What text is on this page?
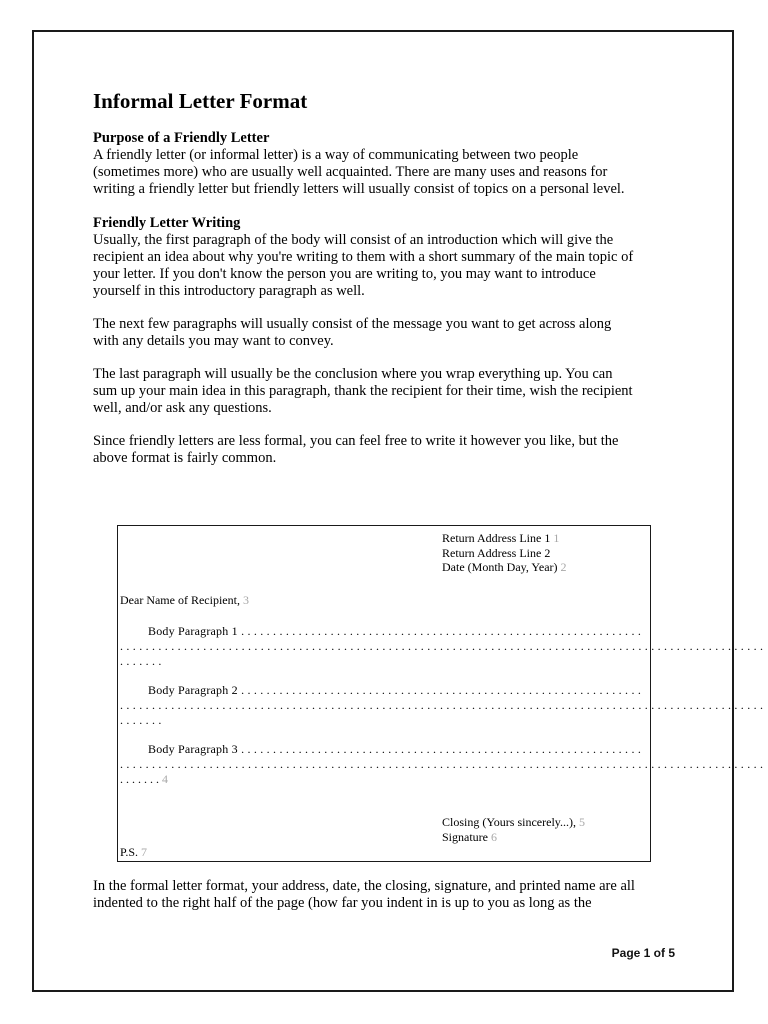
Informal Letter Format
Purpose of a Friendly Letter
A friendly letter (or informal letter) is a way of communicating between two people
(sometimes more) who are usually well acquainted. There are many uses and reasons for
writing a friendly letter but friendly letters will usually consist of topics on a personal level.
Friendly Letter Writing
Usually, the first paragraph of the body will consist of an introduction which will give the
recipient an idea about why you're writing to them with a short summary of the main topic of
your letter. If you don't know the person you are writing to, you may want to introduce
yourself in this introductory paragraph as well.
The next few paragraphs will usually consist of the message you want to get across along
with any details you may want to convey.
The last paragraph will usually be the conclusion where you wrap everything up. You can
sum up your main idea in this paragraph, thank the recipient for their time, wish the recipient
well, and/or ask any questions.
Since friendly letters are less formal, you can feel free to write it however you like, but the
above format is fairly common.
Return Address Line 1 1
Return Address Line 2
Date (Month Day, Year) 2
Dear Name of Recipient, 3
Body Paragraph 1 . . . . . . . . . . . . . . . . . . . . . . . . . . . . . . . . . . . . . . . . . . . . . . . . . . . . . . . . . . . . . . .
. . . . . . . . . . . . . . . . . . . . . . . . . . . . . . . . . . . . . . . . . . . . . . . . . . . . . . . . . . . . . . . . . . . . . . . . . . . . . . . . . . . . . . . . . . . . . . . . . . . . .
. . . . . . .
Body Paragraph 2 . . . . . . . . . . . . . . . . . . . . . . . . . . . . . . . . . . . . . . . . . . . . . . . . . . . . . . . . . . . . . . .
. . . . . . . . . . . . . . . . . . . . . . . . . . . . . . . . . . . . . . . . . . . . . . . . . . . . . . . . . . . . . . . . . . . . . . . . . . . . . . . . . . . . . . . . . . . . . . . . . . . . .
. . . . . . .
Body Paragraph 3 . . . . . . . . . . . . . . . . . . . . . . . . . . . . . . . . . . . . . . . . . . . . . . . . . . . . . . . . . . . . . . .
. . . . . . . . . . . . . . . . . . . . . . . . . . . . . . . . . . . . . . . . . . . . . . . . . . . . . . . . . . . . . . . . . . . . . . . . . . . . . . . . . . . . . . . . . . . . . . . . . . . . .
. . . . . . . 4
Closing (Yours sincerely...), 5
Signature 6
P.S. 7
In the formal letter format, your address, date, the closing, signature, and printed name are all
indented to the right half of the page (how far you indent in is up to you as long as the
Page 1 of 5
